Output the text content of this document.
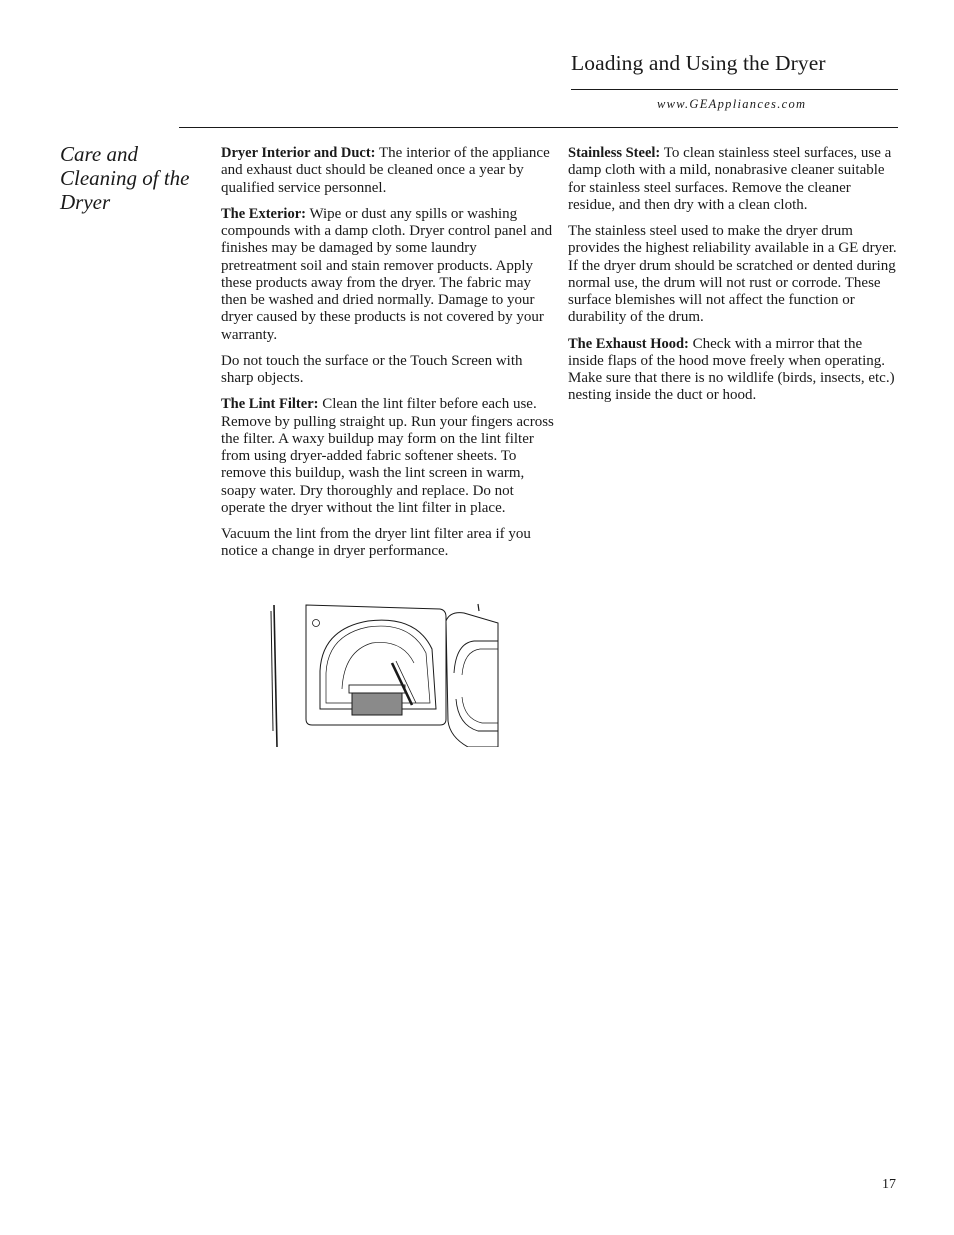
Loading and Using the Dryer
www.GEAppliances.com
Care and Cleaning of the Dryer

Dryer Interior and Duct: The interior of the appliance and exhaust duct should be cleaned once a year by qualified service personnel.

The Exterior: Wipe or dust any spills or washing compounds with a damp cloth. Dryer control panel and finishes may be damaged by some laundry pretreatment soil and stain remover products. Apply these products away from the dryer. The fabric may then be washed and dried normally. Damage to your dryer caused by these products is not covered by your warranty.

Do not touch the surface or the Touch Screen with sharp objects.

The Lint Filter: Clean the lint filter before each use. Remove by pulling straight up. Run your fingers across the filter. A waxy buildup may form on the lint filter from using dryer-added fabric softener sheets. To remove this buildup, wash the lint screen in warm, soapy water. Dry thoroughly and replace. Do not operate the dryer without the lint filter in place.

Vacuum the lint from the dryer lint filter area if you notice a change in dryer performance.

Stainless Steel: To clean stainless steel surfaces, use a damp cloth with a mild, nonabrasive cleaner suitable for stainless steel surfaces. Remove the cleaner residue, and then dry with a clean cloth.

The stainless steel used to make the dryer drum provides the highest reliability available in a GE dryer. If the dryer drum should be scratched or dented during normal use, the drum will not rust or corrode. These surface blemishes will not affect the function or durability of the drum.

The Exhaust Hood: Check with a mirror that the inside flaps of the hood move freely when operating. Make sure that there is no wildlife (birds, insects, etc.) nesting inside the duct or hood.

17
